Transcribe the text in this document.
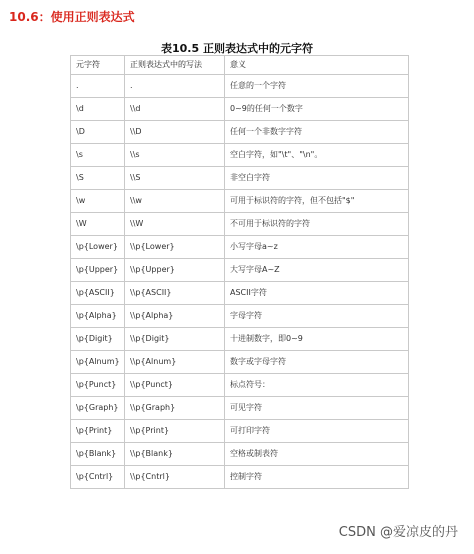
10.6：使用正则表达式
表10.5 正则表达式中的元字符
元字符	正则表达式中的写法	意义
.	.	任意的一个字符
\d	\\d	0~9的任何一个数字
\D	\\D	任何一个非数字字符
\s	\\s	空白字符，如"\t"、"\n"。
\S	\\S	非空白字符
\w	\\w	可用于标识符的字符，但不包括"$"
\W	\\W	不可用于标识符的字符
\p{Lower}	\\p{Lower}	小写字母a~z
\p{Upper}	\\p{Upper}	大写字母A~Z
\p{ASCII}	\\p{ASCII}	ASCII字符
\p{Alpha}	\\p{Alpha}	字母字符
\p{Digit}	\\p{Digit}	十进制数字，即0~9
\p{Alnum}	\\p{Alnum}	数字或字母字符
\p{Punct}	\\p{Punct}	标点符号：
\p{Graph}	\\p{Graph}	可见字符
\p{Print}	\\p{Print}	可打印字符
\p{Blank}	\\p{Blank}	空格或制表符
\p{Cntrl}	\\p{Cntrl}	控制字符
CSDN @爱凉皮的丹
